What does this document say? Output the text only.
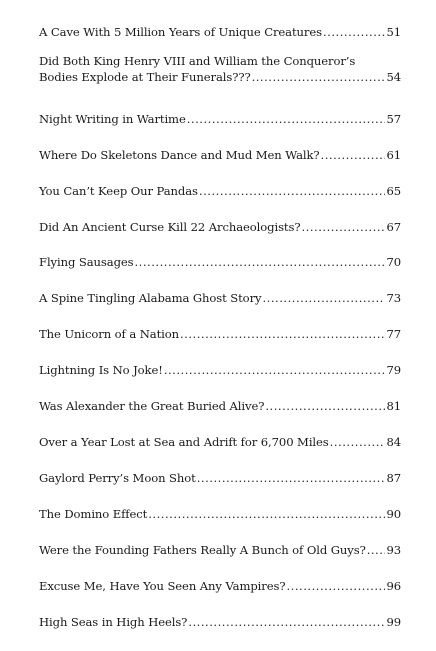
A Cave With 5 Million Years of Unique Creatures .....	51
Did Both King Henry VIII and William the Conqueror’s
Bodies Explode at Their Funerals??? .....	54
Night Writing in Wartime .....	57
Where Do Skeletons Dance and Mud Men Walk? .....	61
You Can’t Keep Our Pandas .....	65
Did An Ancient Curse Kill 22 Archaeologists? .....	67
Flying Sausages .....	70
A Spine Tingling Alabama Ghost Story .....	73
The Unicorn of a Nation .....	77
Lightning Is No Joke! .....	79
Was Alexander the Great Buried Alive? .....	81
Over a Year Lost at Sea and Adrift for 6,700 Miles .....	84
Gaylord Perry’s Moon Shot .....	87
The Domino Effect .....	90
Were the Founding Fathers Really A Bunch of Old Guys? ..... 93
Excuse Me, Have You Seen Any Vampires? .....	96
High Seas in High Heels? .....	99
